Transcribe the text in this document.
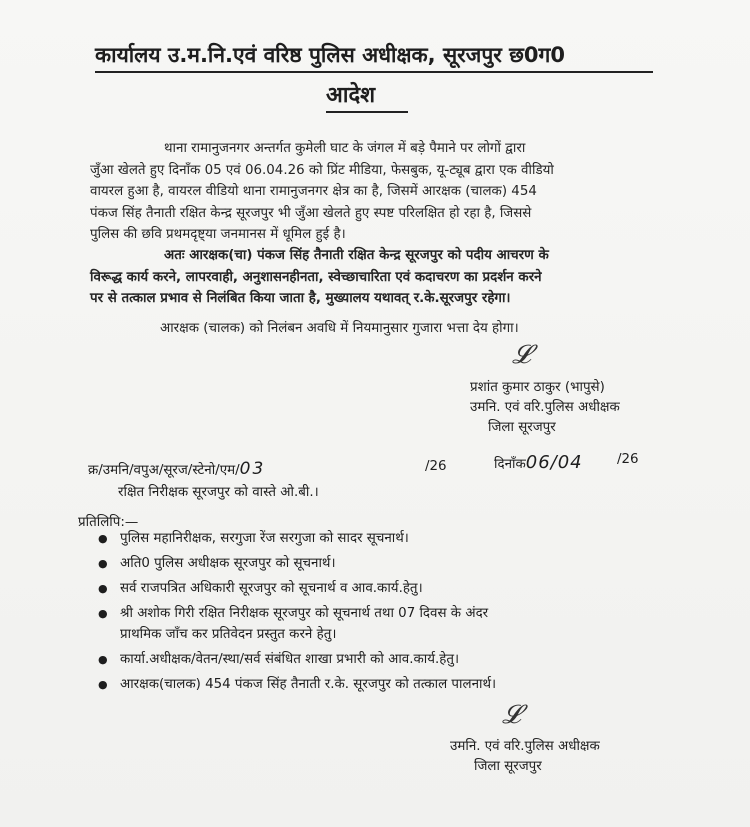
कार्यालय उ.म.नि.एवं वरिष्ठ पुलिस अधीक्षक, सूरजपुर छ0ग0
आदेश
थाना रामानुजनगर अन्तर्गत कुमेली घाट के जंगल में बड़े पैमाने पर लोगों द्वारा
जुँआ खेलते हुए दिनाँक 05 एवं 06.04.26 को प्रिंट मीडिया, फेसबुक, यू-ट्यूब द्वारा एक वीडियो
वायरल हुआ है, वायरल वीडियो थाना रामानुजनगर क्षेत्र का है, जिसमें आरक्षक (चालक) 454
पंकज सिंह तैनाती रक्षित केन्द्र सूरजपुर भी जुँआ खेलते हुए स्पष्ट परिलक्षित हो रहा है, जिससे
पुलिस की छवि प्रथमदृष्ट्या जनमानस में धूमिल हुई है।
अतः आरक्षक(चा) पंकज सिंह तैनाती रक्षित केन्द्र सूरजपुर को पदीय आचरण के
विरूद्ध कार्य करने, लापरवाही, अनुशासनहीनता, स्वेच्छाचारिता एवं कदाचरण का प्रदर्शन करने
पर से तत्काल प्रभाव से निलंबित किया जाता है, मुख्यालय यथावत् र.के.सूरजपुर रहेगा।
आरक्षक (चालक) को निलंबन अवधि में नियमानुसार गुजारा भत्ता देय होगा।
𝓛
प्रशांत कुमार ठाकुर (भापुसे)
उमनि. एवं वरि.पुलिस अधीक्षक
जिला सूरजपुर
क्र/उमनि/वपुअ/सूरज/स्टेनो/एम/03	/26	दिनाँक06/04	/26
रक्षित निरीक्षक सूरजपुर को वास्ते ओ.बी.।
प्रतिलिपि:—
● पुलिस महानिरीक्षक, सरगुजा रेंज सरगुजा को सादर सूचनार्थ।
● अति0 पुलिस अधीक्षक सूरजपुर को सूचनार्थ।
● सर्व राजपत्रित अधिकारी सूरजपुर को सूचनार्थ व आव.कार्य.हेतु।
● श्री अशोक गिरी रक्षित निरीक्षक सूरजपुर को सूचनार्थ तथा 07 दिवस के अंदर
प्राथमिक जाँच कर प्रतिवेदन प्रस्तुत करने हेतु।
● कार्या.अधीक्षक/वेतन/स्था/सर्व संबंधित शाखा प्रभारी को आव.कार्य.हेतु।
● आरक्षक(चालक) 454 पंकज सिंह तैनाती र.के. सूरजपुर को तत्काल पालनार्थ।
𝓛
उमनि. एवं वरि.पुलिस अधीक्षक
जिला सूरजपुर
